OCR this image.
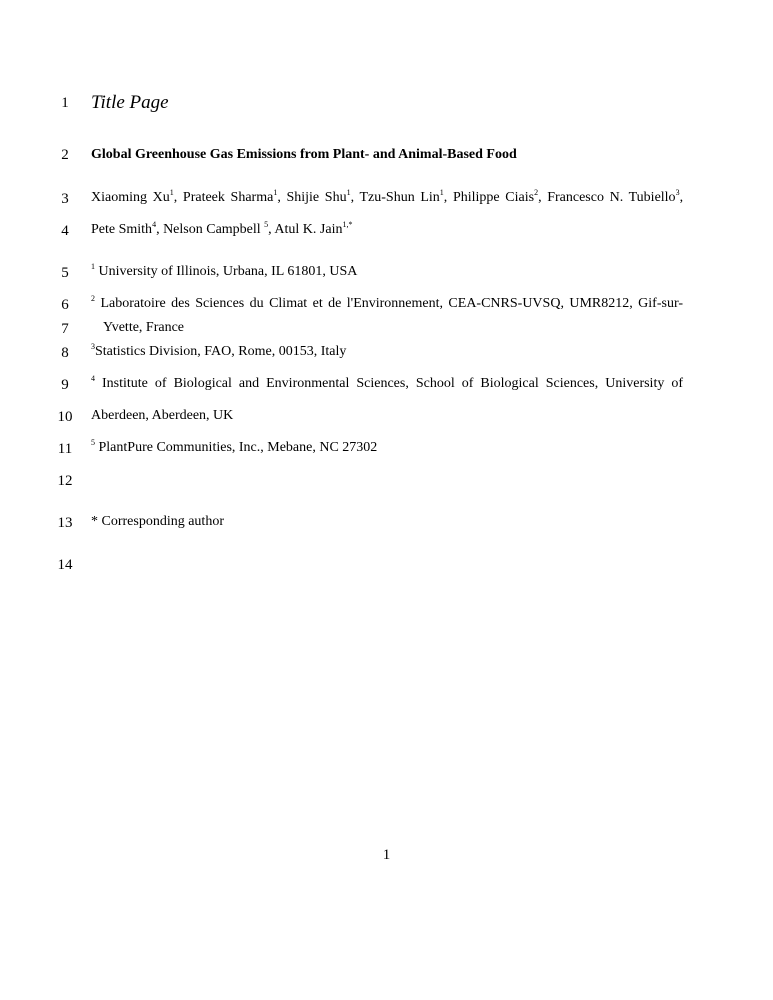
1
2
3
4
5
6
7
8
9
10
11
12
13
14
Title Page
Global Greenhouse Gas Emissions from Plant- and Animal-Based Food
Xiaoming Xu$^1$, Prateek Sharma$^1$, Shijie Shu$^1$, Tzu-Shun Lin$^1$, Philippe Ciais$^2$, Francesco N. Tubiello$^3$,
Pete Smith$^4$, Nelson Campbell $^5$, Atul K. Jain$^{1,*}$
$^1$ University of Illinois, Urbana, IL 61801, USA
$^2$ Laboratoire des Sciences du Climat et de l'Environnement, CEA-CNRS-UVSQ, UMR8212, Gif-sur-
Yvette, France
$^3$Statistics Division, FAO, Rome, 00153, Italy
$^4$ Institute of Biological and Environmental Sciences, School of Biological Sciences, University of
Aberdeen, Aberdeen, UK
$^5$ PlantPure Communities, Inc., Mebane, NC 27302
* Corresponding author
1
